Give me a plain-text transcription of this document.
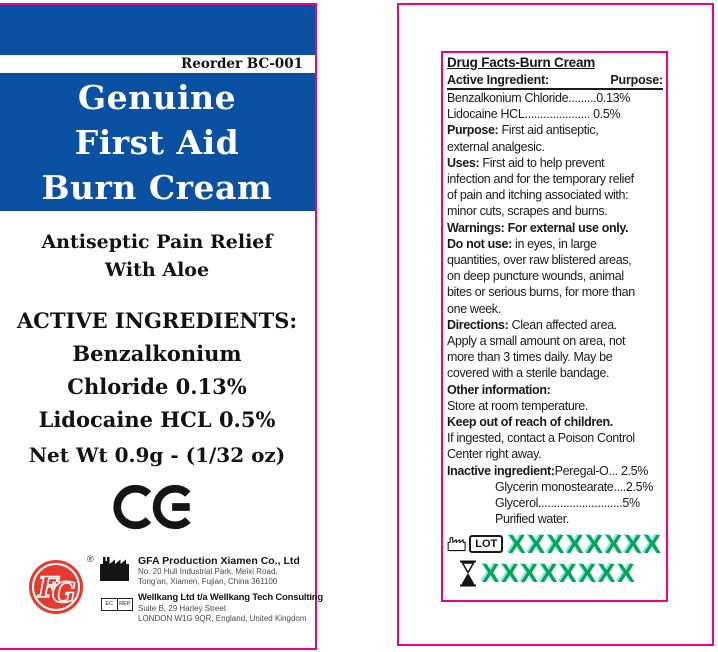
Reorder BC-001
Genuine
First Aid
Burn Cream
Antiseptic Pain Relief
With Aloe
ACTIVE INGREDIENTS:
Benzalkonium
Chloride 0.13%
Lidocaine HCL 0.5%
Net Wt 0.9g - (1/32 oz)
F
G
®
EC	REP
GFA Production Xiamen Co., Ltd
No. 20 Huli Industrial Park, Meixi Road,
Tong'an, Xiamen, Fujian, China 361100
Wellkang Ltd t/a Wellkang Tech Consulting
Suite B, 29 Harley Street
LONDON W1G 9QR, England, United Kingdom
Drug Facts-Burn Cream
Active Ingredient:	Purpose:
Benzalkonium Chloride.........0.13%
Lidocaine HCL..................... 0.5%
Purpose: First aid antiseptic,
external analgesic.
Uses: First aid to help prevent
infection and for the temporary relief
of pain and itching associated with:
minor cuts, scrapes and burns.
Warnings: For external use only.
Do not use: in eyes, in large
quantities, over raw blistered areas,
on deep puncture wounds, animal
bites or serious burns, for more than
one week.
Directions: Clean affected area.
Apply a small amount on area, not
more than 3 times daily. May be
covered with a sterile bandage.
Other information:
Store at room temperature.
Keep out of reach of children.
If ingested, contact a Poison Control
Center right away.
Inactive ingredient:Peregal-O... 2.5%
Glycerin monostearate....2.5%
Glycerol...........................5%
Purified water.
LOT XXXXXXXX
XXXXXXXX
